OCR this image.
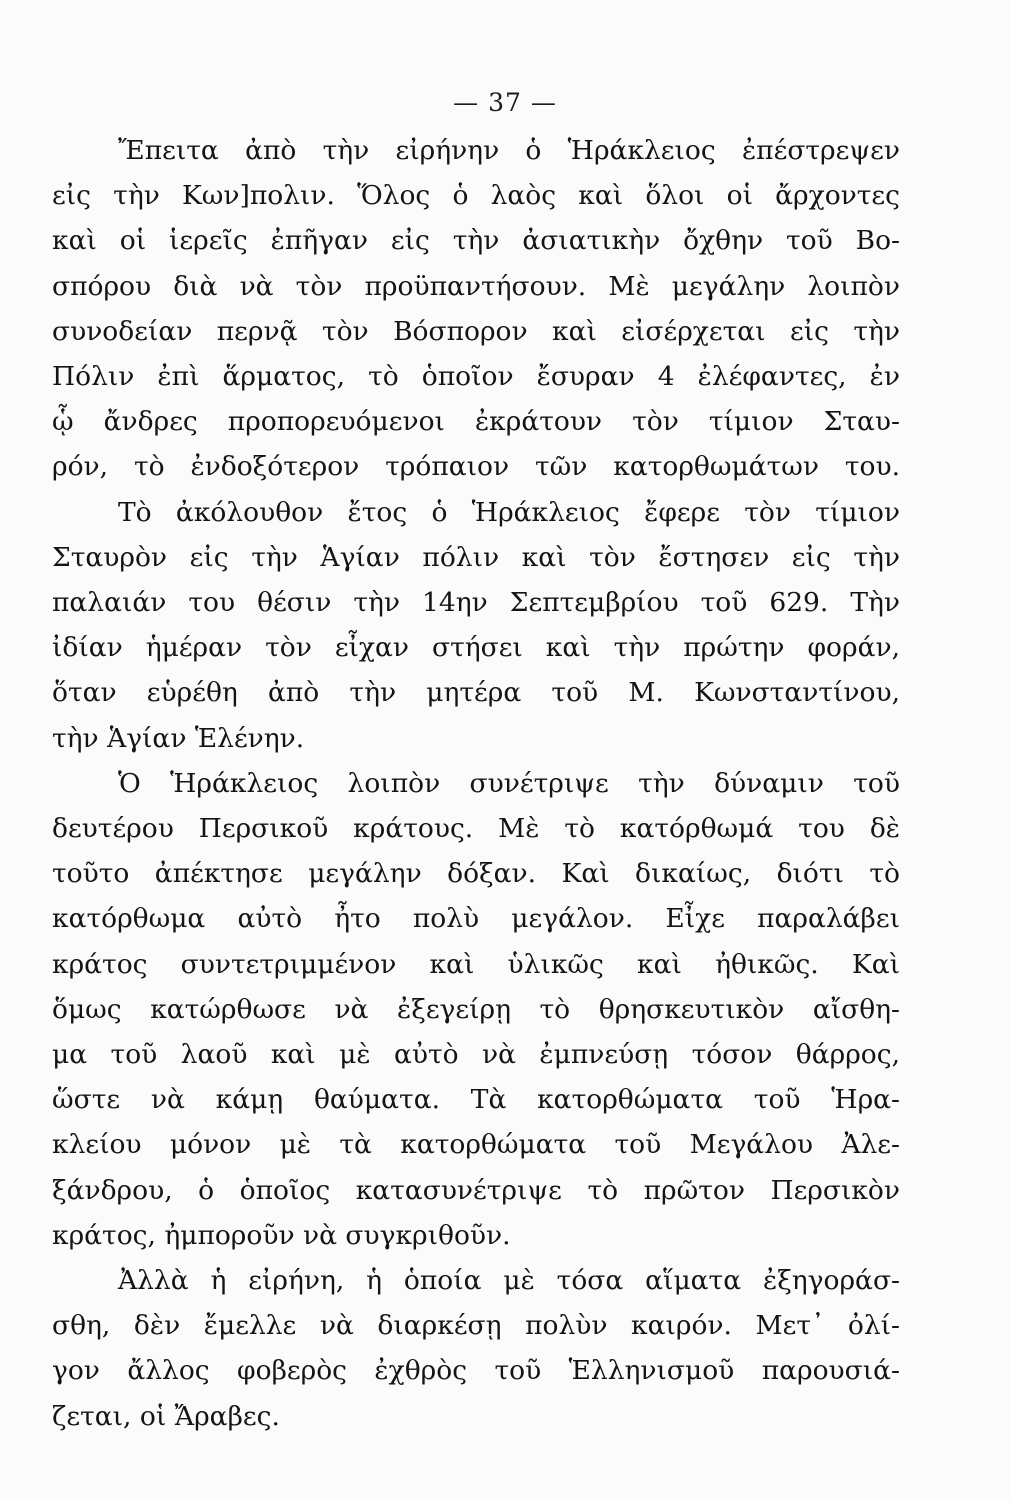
— 37 —
Ἔπειτα ἀπὸ τὴν εἰρήνην ὁ Ἡράκλειος ἐπέστρεψεν
εἰς τὴν Κων]πολιν. Ὅλος ὁ λαὸς καὶ ὅλοι οἱ ἄρχοντες
καὶ οἱ ἱερεῖς ἐπῆγαν εἰς τὴν ἀσιατικὴν ὄχθην τοῦ Βο-
σπόρου διὰ νὰ τὸν προϋπαντήσουν. Μὲ μεγάλην λοιπὸν
συνοδείαν περνᾷ τὸν Βόσπορον καὶ εἰσέρχεται εἰς τὴν
Πόλιν ἐπὶ ἅρματος, τὸ ὁποῖον ἔσυραν 4 ἐλέφαντες, ἐν
ᾧ ἄνδρες προπορευόμενοι ἐκράτουν τὸν τίμιον Σταυ-
ρόν, τὸ ἐνδοξότερον τρόπαιον τῶν κατορθωμάτων του.
Τὸ ἀκόλουθον ἔτος ὁ Ἡράκλειος ἔφερε τὸν τίμιον
Σταυρὸν εἰς τὴν Ἁγίαν πόλιν καὶ τὸν ἔστησεν εἰς τὴν
παλαιάν του θέσιν τὴν 14ην Σεπτεμβρίου τοῦ 629. Τὴν
ἰδίαν ἡμέραν τὸν εἶχαν στήσει καὶ τὴν πρώτην φοράν,
ὅταν εὑρέθη ἀπὸ τὴν μητέρα τοῦ Μ. Κωνσταντίνου,
τὴν Ἁγίαν Ἑλένην.
Ὁ Ἡράκλειος λοιπὸν συνέτριψε τὴν δύναμιν τοῦ
δευτέρου Περσικοῦ κράτους. Μὲ τὸ κατόρθωμά του δὲ
τοῦτο ἀπέκτησε μεγάλην δόξαν. Καὶ δικαίως, διότι τὸ
κατόρθωμα αὐτὸ ἦτο πολὺ μεγάλον. Εἶχε παραλάβει
κράτος συντετριμμένον καὶ ὑλικῶς καὶ ἠθικῶς. Καὶ
ὅμως κατώρθωσε νὰ ἐξεγείρῃ τὸ θρησκευτικὸν αἴσθη-
μα τοῦ λαοῦ καὶ μὲ αὐτὸ νὰ ἐμπνεύσῃ τόσον θάρρος,
ὥστε νὰ κάμῃ θαύματα. Τὰ κατορθώματα τοῦ Ἡρα-
κλείου μόνον μὲ τὰ κατορθώματα τοῦ Μεγάλου Ἀλε-
ξάνδρου, ὁ ὁποῖος κατασυνέτριψε τὸ πρῶτον Περσικὸν
κράτος, ἠμποροῦν νὰ συγκριθοῦν.
Ἀλλὰ ἡ εἰρήνη, ἡ ὁποία μὲ τόσα αἵματα ἐξηγοράσ-
σθη, δὲν ἔμελλε νὰ διαρκέσῃ πολὺν καιρόν. Μετ᾽ ὀλί-
γον ἄλλος φοβερὸς ἐχθρὸς τοῦ Ἑλληνισμοῦ παρουσιά-
ζεται, οἱ Ἄραβες.
